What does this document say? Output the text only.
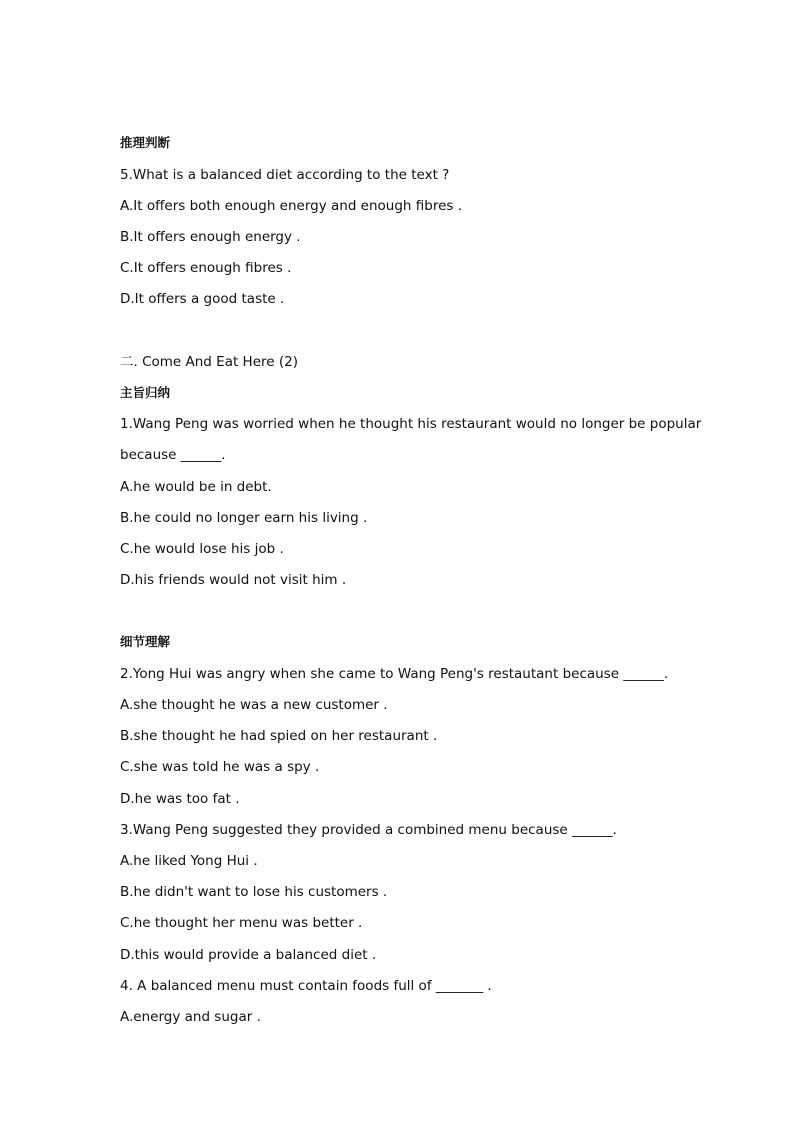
推理判断
5.What is a balanced diet according to the text ?
A.It offers both enough energy and enough fibres .
B.It offers enough energy .
C.It offers enough fibres .
D.It offers a good taste .
二. Come And Eat Here (2)
主旨归纳
1.Wang Peng was worried when he thought his restaurant would no longer be popular
because ______.
A.he would be in debt.
B.he could no longer earn his living .
C.he would lose his job .
D.his friends would not visit him .
细节理解
2.Yong Hui was angry when she came to Wang Peng's restautant because ______.
A.she thought he was a new customer .
B.she thought he had spied on her restaurant .
C.she was told he was a spy .
D.he was too fat .
3.Wang Peng suggested they provided a combined menu because ______.
A.he liked Yong Hui .
B.he didn't want to lose his customers .
C.he thought her menu was better .
D.this would provide a balanced diet .
4. A balanced menu must contain foods full of _______ .
A.energy and sugar .
